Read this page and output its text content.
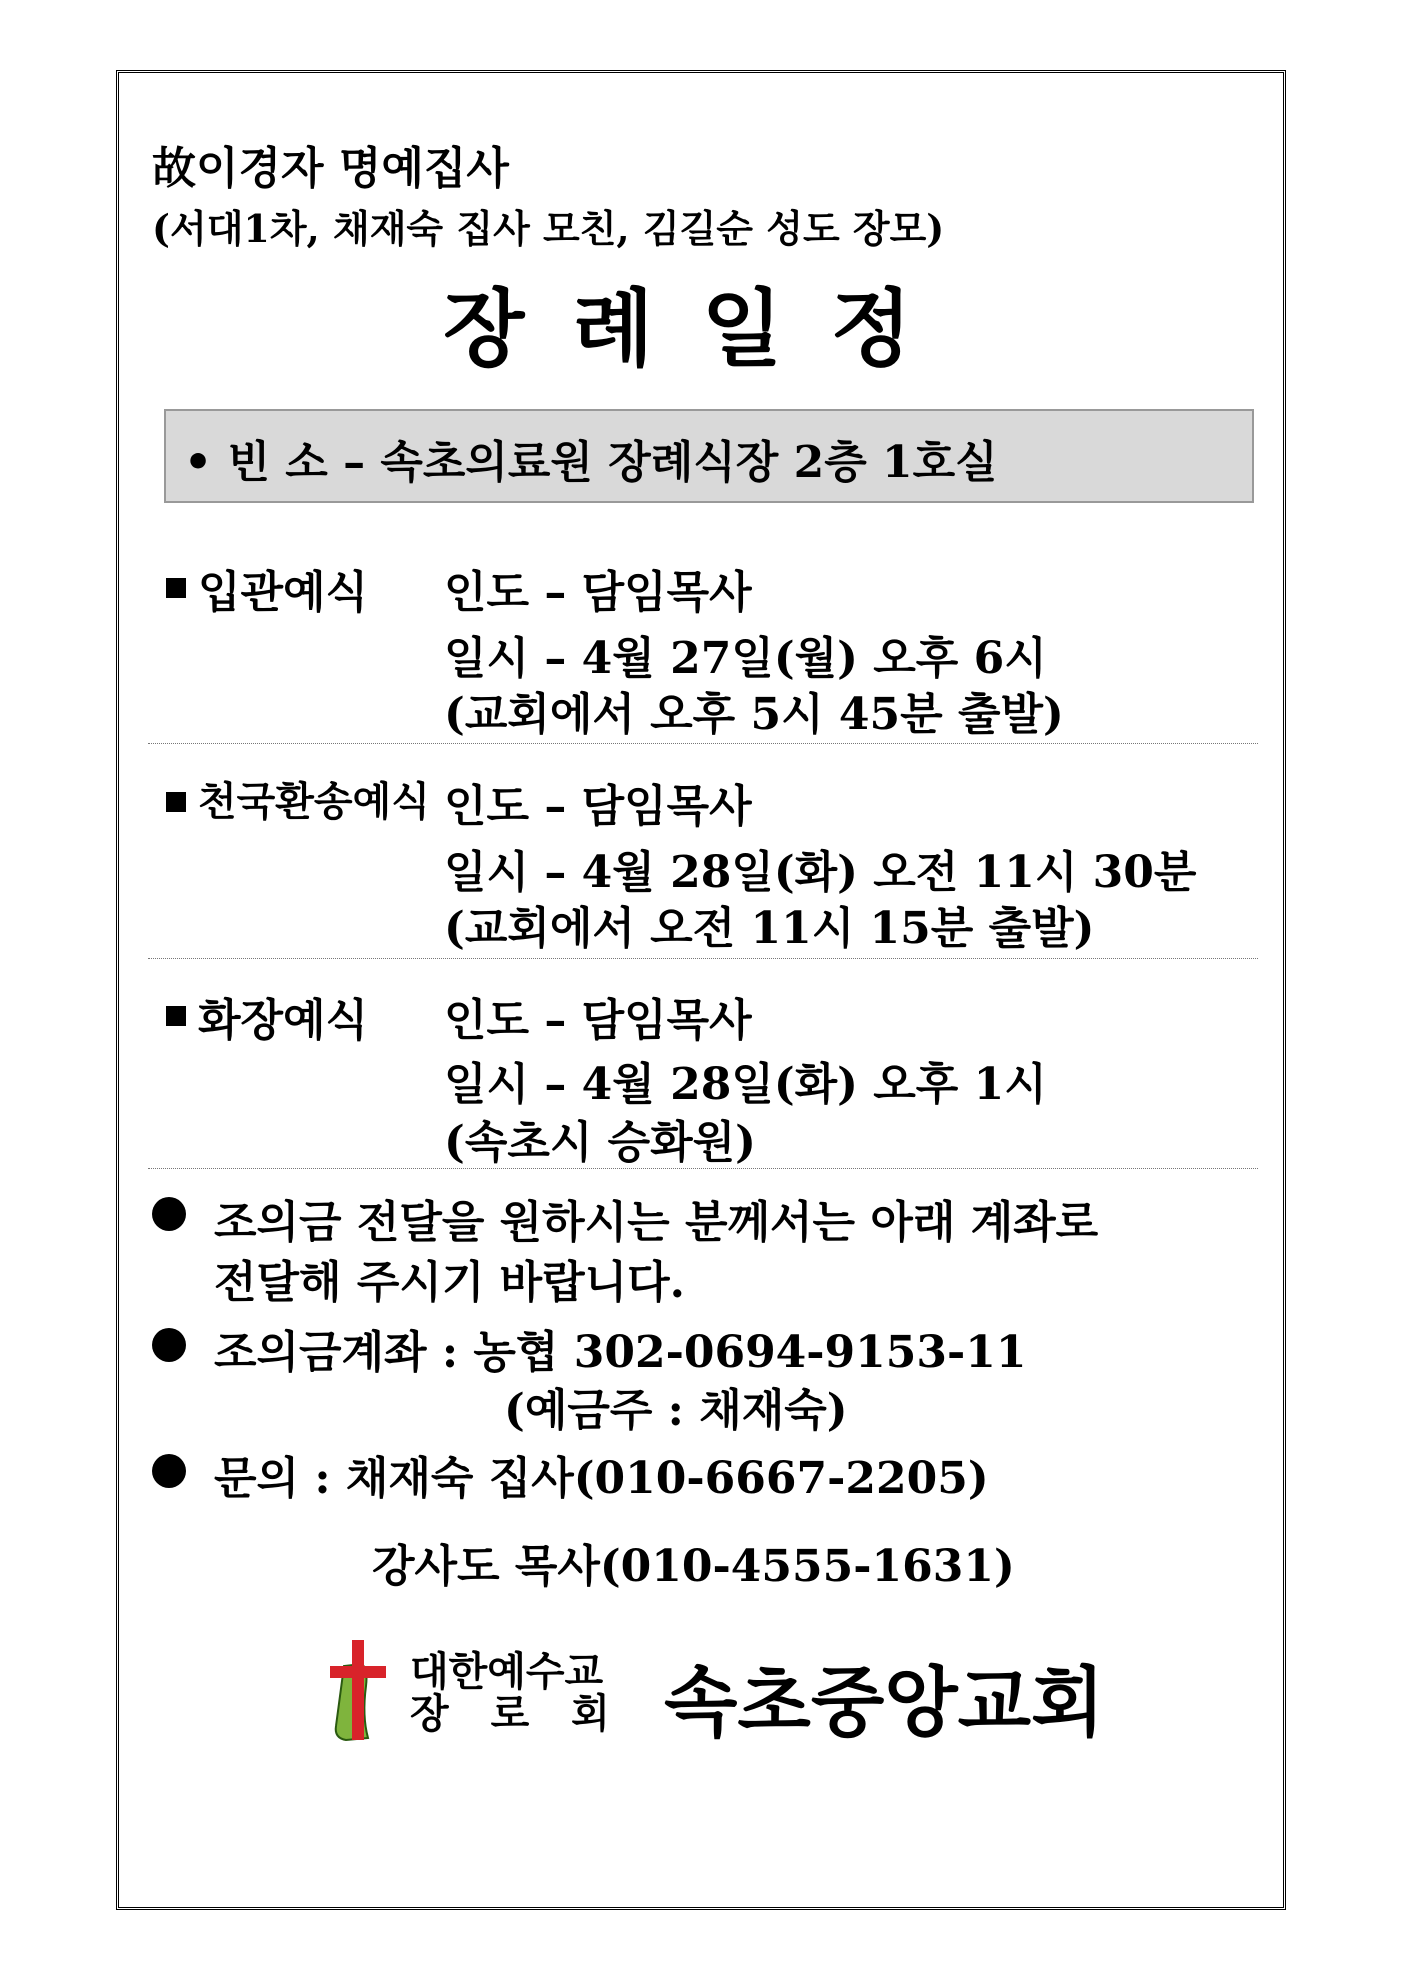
故이경자 명예집사
(서대1차, 채재숙 집사 모친, 김길순 성도 장모)
장례일정
• 빈 소 – 속초의료원 장례식장 2층 1호실
입관예식 인도 – 담임목사
일시 – 4월 27일(월) 오후 6시
(교회에서 오후 5시 45분 출발)
천국환송예식 인도 – 담임목사
일시 – 4월 28일(화) 오전 11시 30분
(교회에서 오전 11시 15분 출발)
화장예식 인도 – 담임목사
일시 – 4월 28일(화) 오후 1시
(속초시 승화원)
조의금 전달을 원하시는 분께서는 아래 계좌로
전달해 주시기 바랍니다.
조의금계좌 : 농협 302-0694-9153-11
(예금주 : 채재숙)
문의 : 채재숙 집사(010-6667-2205)
강사도 목사(010-4555-1631)
대한예수교
장 로 회 속초중앙교회
